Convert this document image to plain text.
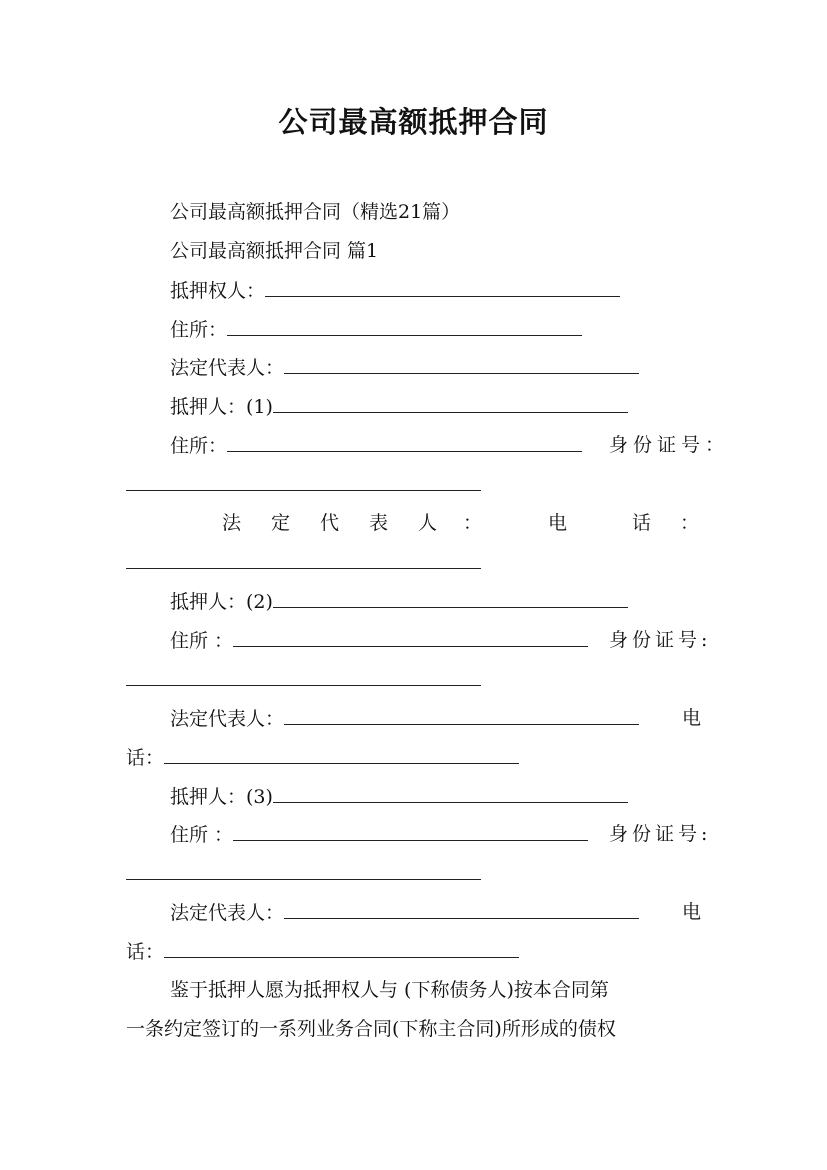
公司最高额抵押合同
公司最高额抵押合同（精选21篇）
公司最高额抵押合同 篇1
抵押权人：
住所：
法定代表人：
抵押人：(1)
住所：	身份证号：
法 定 代 表 人 ：	电	话 ：
抵押人：(2)
住所 ：	身份证号:
法定代表人：	电
话：
抵押人：(3)
住所 ：	身份证号:
法定代表人：	电
话：
鉴于抵押人愿为抵押权人与 (下称债务人)按本合同第
一条约定签订的一系列业务合同(下称主合同)所形成的债权
